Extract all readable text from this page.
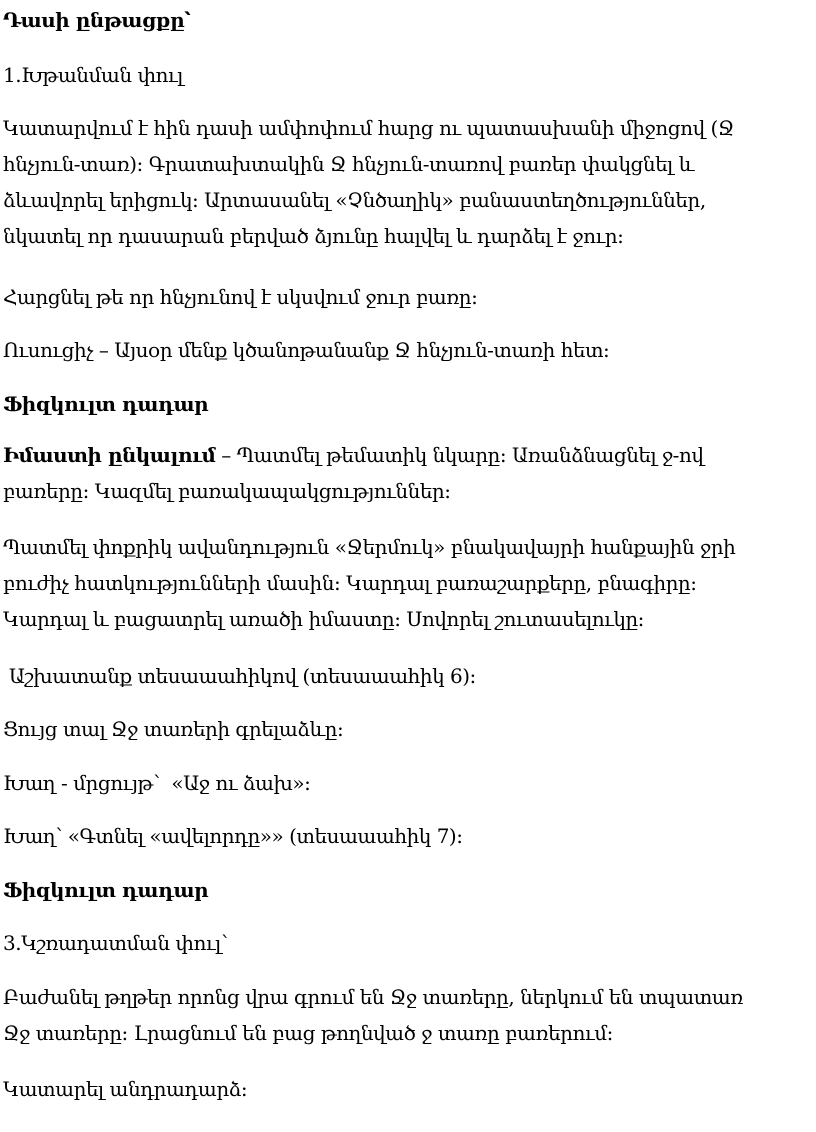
Դասի ընթացքը՝
1.Խթանման փուլ
Կատարվում է հին դասի ամփոփում հարց ու պատասխանի միջոցով (Ջ
հնչյուն-տառ)։ Գրատախտակին Ջ հնչյուն-տառով բառեր փակցնել և
ձևավորել երիցուկ։ Արտասանել «Չնծաղիկ» բանաստեղծություններ,
նկատել որ դասարան բերված ձյունը հալվել և դարձել է ջուր։
Հարցնել թե որ հնչյունով է սկսվում ջուր բառը։
Ուսուցիչ – Այսօր մենք կծանոթանանք Ջ հնչյուն-տառի հետ։
Ֆիզկուլտ դադար
Իմաստի ընկալում – Պատմել թեմատիկ նկարը։ Առանձնացնել ջ-ով
բառերը։ Կազմել բառակապակցություններ։
Պատմել փոքրիկ ավանդություն «Ջերմուկ» բնակավայրի հանքային ջրի
բուժիչ հատկությունների մասին։ Կարդալ բառաշարքերը, բնագիրը։
Կարդալ և բացատրել առածի իմաստը։ Սովորել շուտասելուկը։
Աշխատանք տեսաաահիկով (տեսաաահիկ 6)։
Ցույց տալ Ջջ տառերի գրելաձևը։
Խաղ - մրցույթ՝  «Աջ ու ձախ»։
Խաղ՝ «Գտնել «ավելորդը»» (տեսաաահիկ 7)։
Ֆիզկուլտ դադար
3.Կշռադատման փուլ՝
Բաժանել թղթեր որոնց վրա գրում են Ջջ տառերը, ներկում են տպատառ
Ջջ տառերը։ Լրացնում են բաց թողնված ջ տառը բառերում։
Կատարել անդրադարձ։
